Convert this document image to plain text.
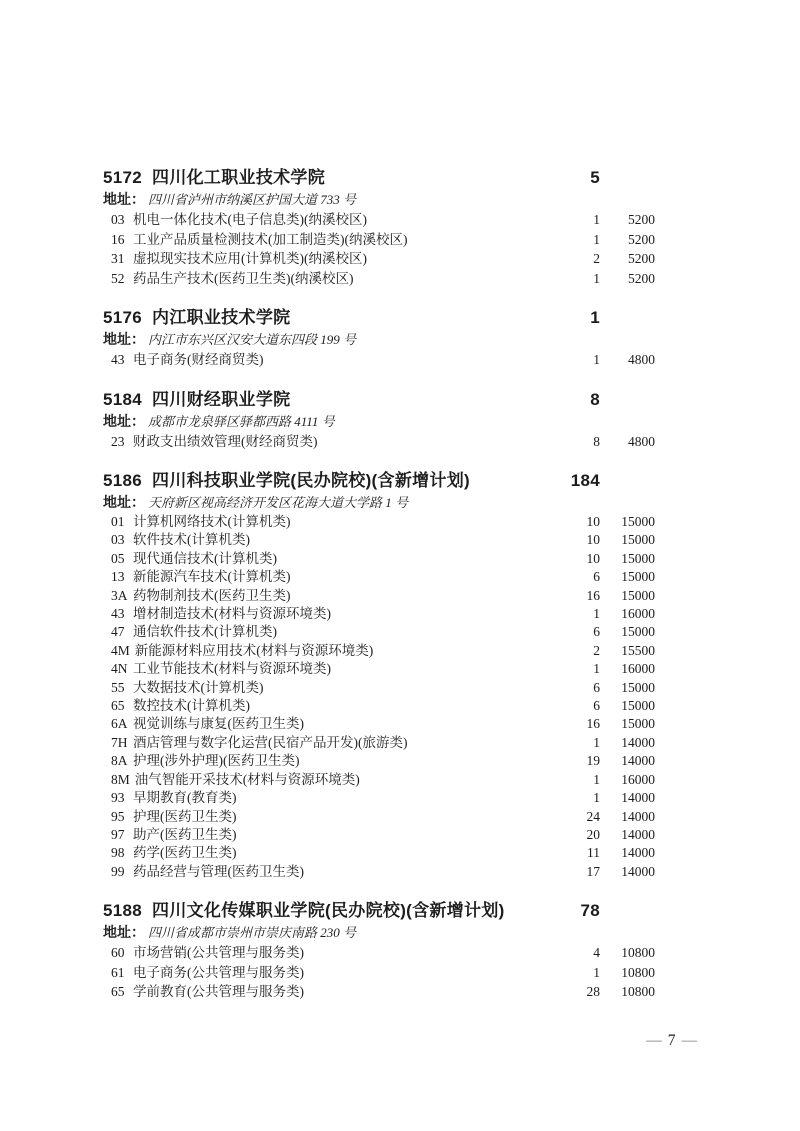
5172 四川化工职业技术学院	5
地址： 四川省泸州市纳溪区护国大道 733 号
03 机电一体化技术(电子信息类)(纳溪校区)	1 5200
16 工业产品质量检测技术(加工制造类)(纳溪校区)	1 5200
31 虚拟现实技术应用(计算机类)(纳溪校区)	2 5200
52 药品生产技术(医药卫生类)(纳溪校区)	1 5200
5176 内江职业技术学院	1
地址： 内江市东兴区汉安大道东四段 199 号
43 电子商务(财经商贸类)	1 4800
5184 四川财经职业学院	8
地址： 成都市龙泉驿区驿都西路 4111 号
23 财政支出绩效管理(财经商贸类)	8 4800
5186 四川科技职业学院(民办院校)(含新增计划)	184
地址： 天府新区视高经济开发区花海大道大学路 1 号
01 计算机网络技术(计算机类)	10 15000
03 软件技术(计算机类)	10 15000
05 现代通信技术(计算机类)	10 15000
13 新能源汽车技术(计算机类)	6 15000
3A 药物制剂技术(医药卫生类)	16 15000
43 增材制造技术(材料与资源环境类)	1 16000
47 通信软件技术(计算机类)	6 15000
4M 新能源材料应用技术(材料与资源环境类)	2 15500
4N 工业节能技术(材料与资源环境类)	1 16000
55 大数据技术(计算机类)	6 15000
65 数控技术(计算机类)	6 15000
6A 视觉训练与康复(医药卫生类)	16 15000
7H 酒店管理与数字化运营(民宿产品开发)(旅游类)	1 14000
8A 护理(涉外护理)(医药卫生类)	19 14000
8M 油气智能开采技术(材料与资源环境类)	1 16000
93 早期教育(教育类)	1 14000
95 护理(医药卫生类)	24 14000
97 助产(医药卫生类)	20 14000
98 药学(医药卫生类)	11 14000
99 药品经营与管理(医药卫生类)	17 14000
5188 四川文化传媒职业学院(民办院校)(含新增计划)	78
地址： 四川省成都市崇州市崇庆南路 230 号
60 市场营销(公共管理与服务类)	4 10800
61 电子商务(公共管理与服务类)	1 10800
65 学前教育(公共管理与服务类)	28 10800
— 7 —
